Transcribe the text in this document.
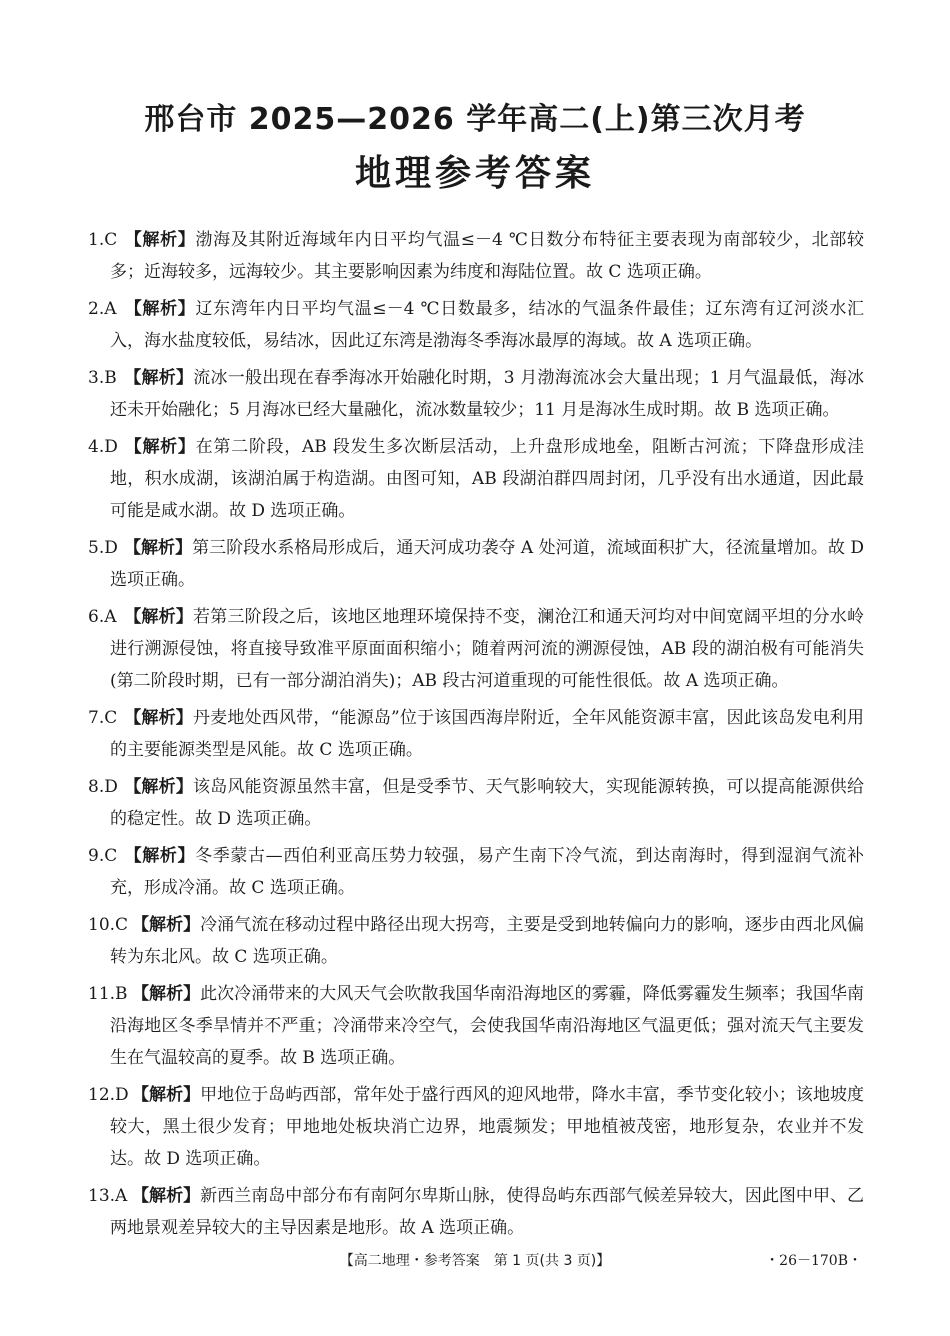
邢台市 2025—2026 学年高二(上)第三次月考
地理参考答案
1.C 【解析】渤海及其附近海域年内日平均气温≤－4 ℃日数分布特征主要表现为南部较少，北部较多；近海较多，远海较少。其主要影响因素为纬度和海陆位置。故 C 选项正确。
2.A 【解析】辽东湾年内日平均气温≤－4 ℃日数最多，结冰的气温条件最佳；辽东湾有辽河淡水汇入，海水盐度较低，易结冰，因此辽东湾是渤海冬季海冰最厚的海域。故 A 选项正确。
3.B 【解析】流冰一般出现在春季海冰开始融化时期，3 月渤海流冰会大量出现；1 月气温最低，海冰还未开始融化；5 月海冰已经大量融化，流冰数量较少；11 月是海冰生成时期。故 B 选项正确。
4.D 【解析】在第二阶段，AB 段发生多次断层活动，上升盘形成地垒，阻断古河流；下降盘形成洼地，积水成湖，该湖泊属于构造湖。由图可知，AB 段湖泊群四周封闭，几乎没有出水通道，因此最可能是咸水湖。故 D 选项正确。
5.D 【解析】第三阶段水系格局形成后，通天河成功袭夺 A 处河道，流域面积扩大，径流量增加。故 D 选项正确。
6.A 【解析】若第三阶段之后，该地区地理环境保持不变，澜沧江和通天河均对中间宽阔平坦的分水岭进行溯源侵蚀，将直接导致准平原面面积缩小；随着两河流的溯源侵蚀，AB 段的湖泊极有可能消失(第二阶段时期，已有一部分湖泊消失)；AB 段古河道重现的可能性很低。故 A 选项正确。
7.C 【解析】丹麦地处西风带，“能源岛”位于该国西海岸附近，全年风能资源丰富，因此该岛发电利用的主要能源类型是风能。故 C 选项正确。
8.D 【解析】该岛风能资源虽然丰富，但是受季节、天气影响较大，实现能源转换，可以提高能源供给的稳定性。故 D 选项正确。
9.C 【解析】冬季蒙古—西伯利亚高压势力较强，易产生南下冷气流，到达南海时，得到湿润气流补充，形成冷涌。故 C 选项正确。
10.C 【解析】冷涌气流在移动过程中路径出现大拐弯，主要是受到地转偏向力的影响，逐步由西北风偏转为东北风。故 C 选项正确。
11.B 【解析】此次冷涌带来的大风天气会吹散我国华南沿海地区的雾霾，降低雾霾发生频率；我国华南沿海地区冬季旱情并不严重；冷涌带来冷空气，会使我国华南沿海地区气温更低；强对流天气主要发生在气温较高的夏季。故 B 选项正确。
12.D 【解析】甲地位于岛屿西部，常年处于盛行西风的迎风地带，降水丰富，季节变化较小；该地坡度较大，黑土很少发育；甲地地处板块消亡边界，地震频发；甲地植被茂密，地形复杂，农业并不发达。故 D 选项正确。
13.A 【解析】新西兰南岛中部分布有南阿尔卑斯山脉，使得岛屿东西部气候差异较大，因此图中甲、乙两地景观差异较大的主导因素是地形。故 A 选项正确。
【高二地理・参考答案　第 1 页(共 3 页)】	・26－170B・
